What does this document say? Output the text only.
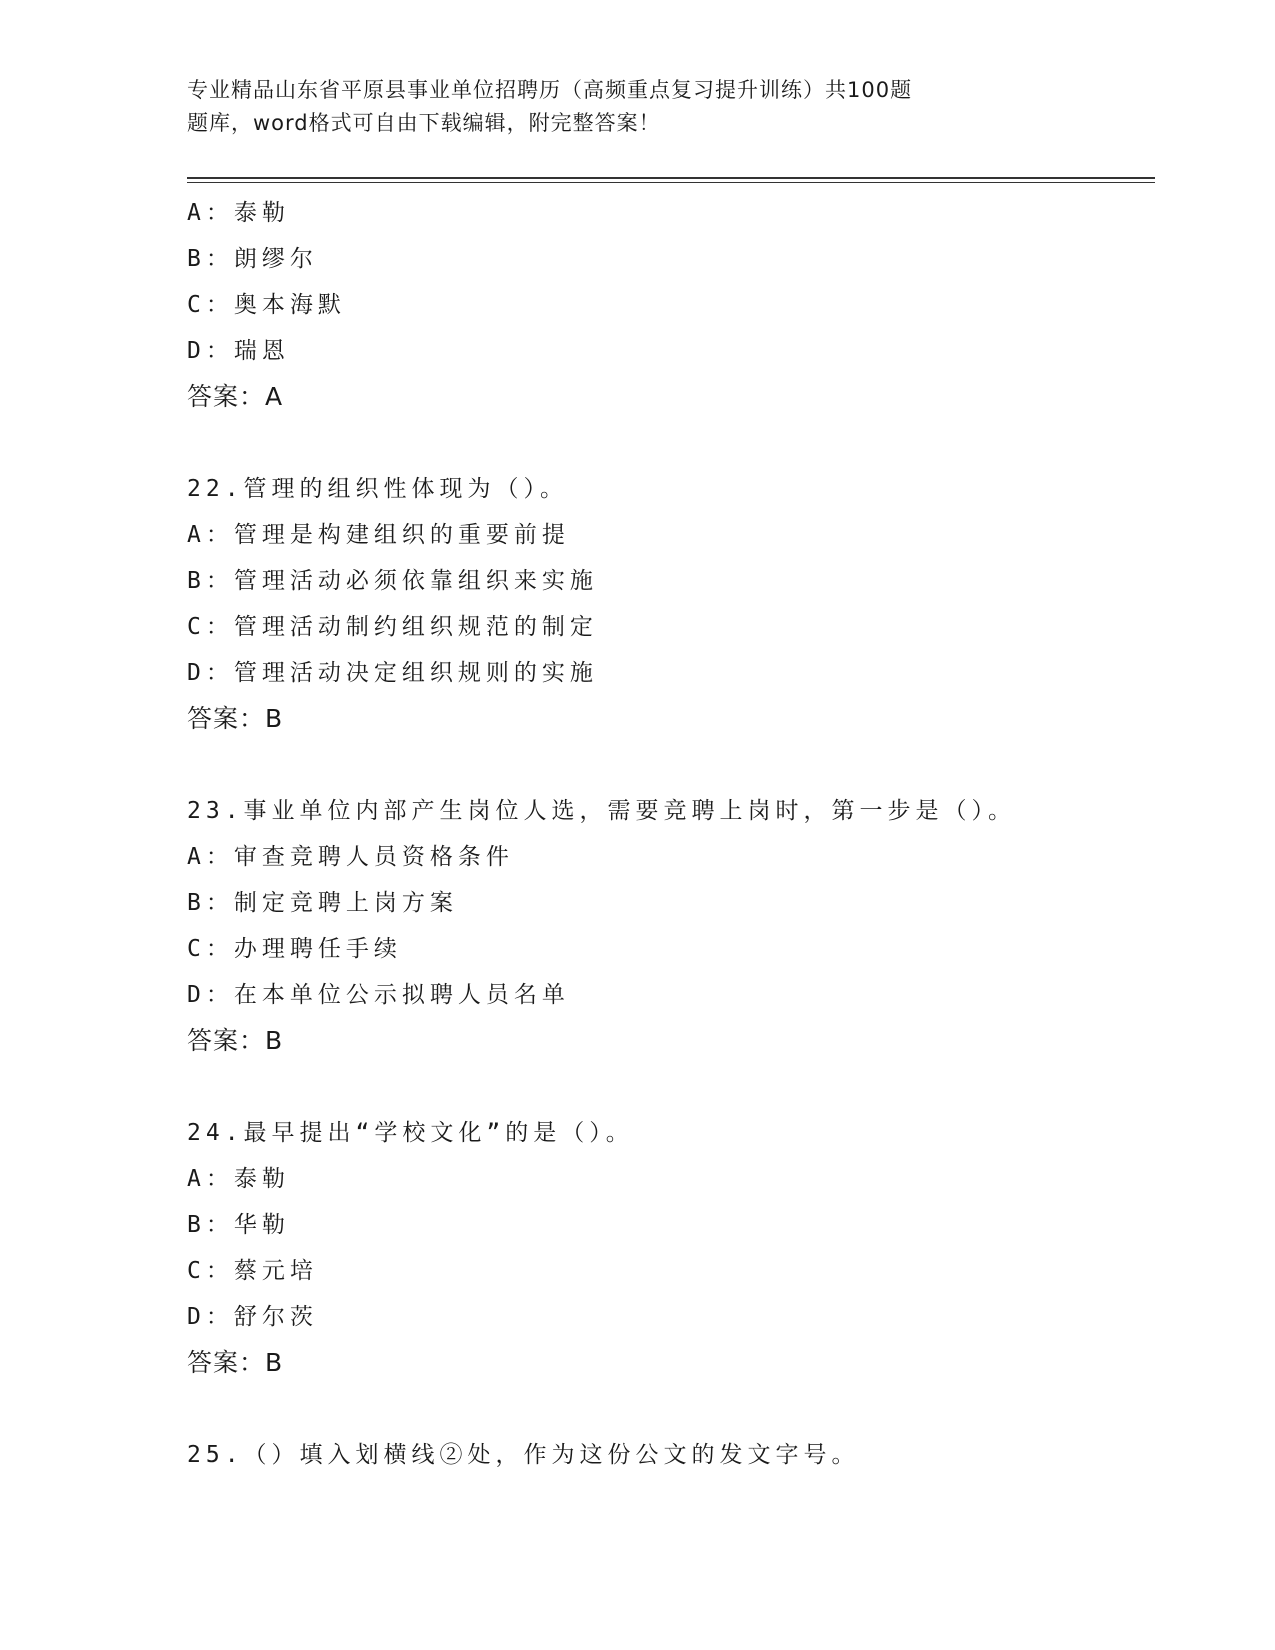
专业精品山东省平原县事业单位招聘历（高频重点复习提升训练）共100题
题库，word格式可自由下载编辑，附完整答案！
A：泰勒
B：朗缪尔
C：奥本海默
D：瑞恩
答案：A
22.管理的组织性体现为（）。
A：管理是构建组织的重要前提
B：管理活动必须依靠组织来实施
C：管理活动制约组织规范的制定
D：管理活动决定组织规则的实施
答案：B
23.事业单位内部产生岗位人选，需要竞聘上岗时，第一步是（）。
A：审查竞聘人员资格条件
B：制定竞聘上岗方案
C：办理聘任手续
D：在本单位公示拟聘人员名单
答案：B
24.最早提出“学校文化”的是（）。
A：泰勒
B：华勒
C：蔡元培
D：舒尔茨
答案：B
25.（）填入划横线②处，作为这份公文的发文字号。
